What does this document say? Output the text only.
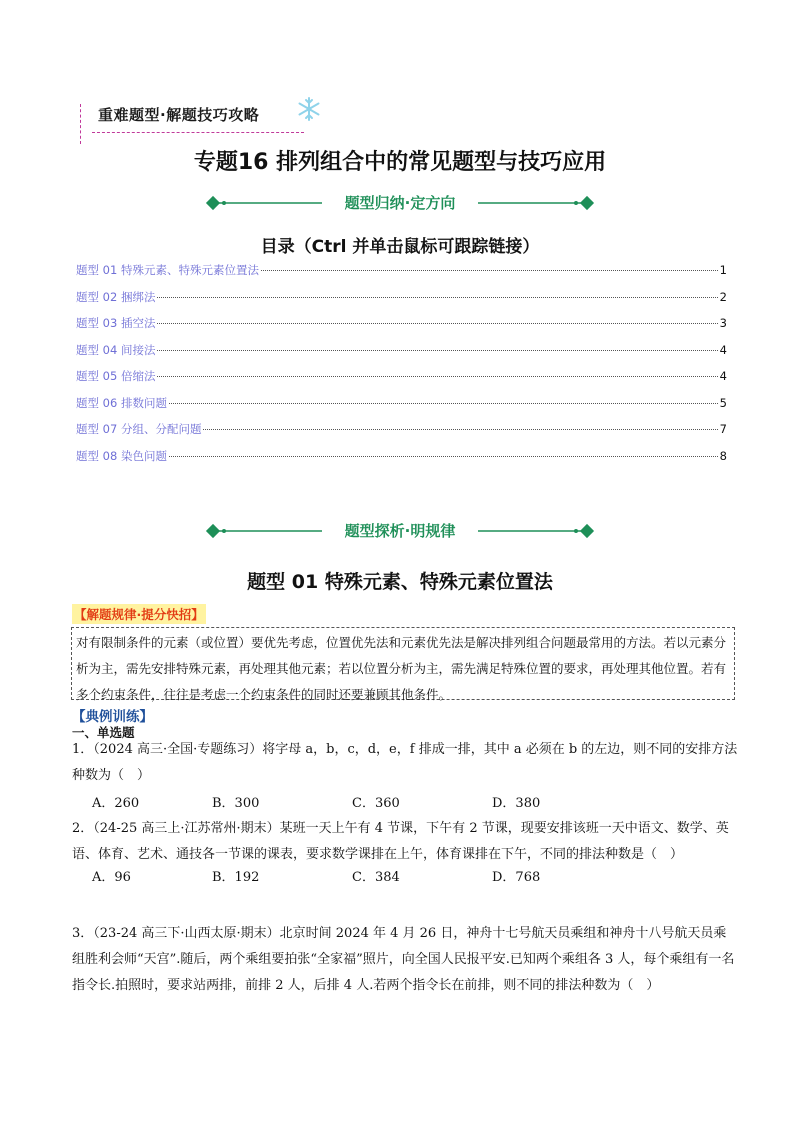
重难题型·解题技巧攻略
专题16 排列组合中的常见题型与技巧应用
题型归纳·定方向
目录（Ctrl 并单击鼠标可跟踪链接）
题型 01 特殊元素、特殊元素位置法	1
题型 02 捆绑法	2
题型 03 插空法	3
题型 04 间接法	4
题型 05 倍缩法	4
题型 06 排数问题	5
题型 07 分组、分配问题	7
题型 08 染色问题	8
题型探析·明规律
题型 01 特殊元素、特殊元素位置法
【解题规律·提分快招】
对有限制条件的元素（或位置）要优先考虑，位置优先法和元素优先法是解决排列组合问题最常用的方法。若以元素分析为主，需先安排特殊元素，再处理其他元素；若以位置分析为主，需先满足特殊位置的要求，再处理其他位置。若有多个约束条件，往往是考虑一个约束条件的同时还要兼顾其他条件。
【典例训练】
一、单选题
1．（2024 高三·全国·专题练习）将字母 a，b，c，d，e，f 排成一排，其中 a 必须在 b 的左边，则不同的安排方法种数为（　）
A．260	B．300	C．360	D．380
2．（24-25 高三上·江苏常州·期末）某班一天上午有 4 节课，下午有 2 节课，现要安排该班一天中语文、数学、英语、体育、艺术、通技各一节课的课表，要求数学课排在上午，体育课排在下午，不同的排法种数是（　）
A．96	B．192	C．384	D．768
3．（23-24 高三下·山西太原·期末）北京时间 2024 年 4 月 26 日，神舟十七号航天员乘组和神舟十八号航天员乘组胜利会师“天宫”.随后，两个乘组要拍张“全家福”照片，向全国人民报平安.已知两个乘组各 3 人，每个乘组有一名指令长.拍照时，要求站两排，前排 2 人，后排 4 人.若两个指令长在前排，则不同的排法种数为（　）
